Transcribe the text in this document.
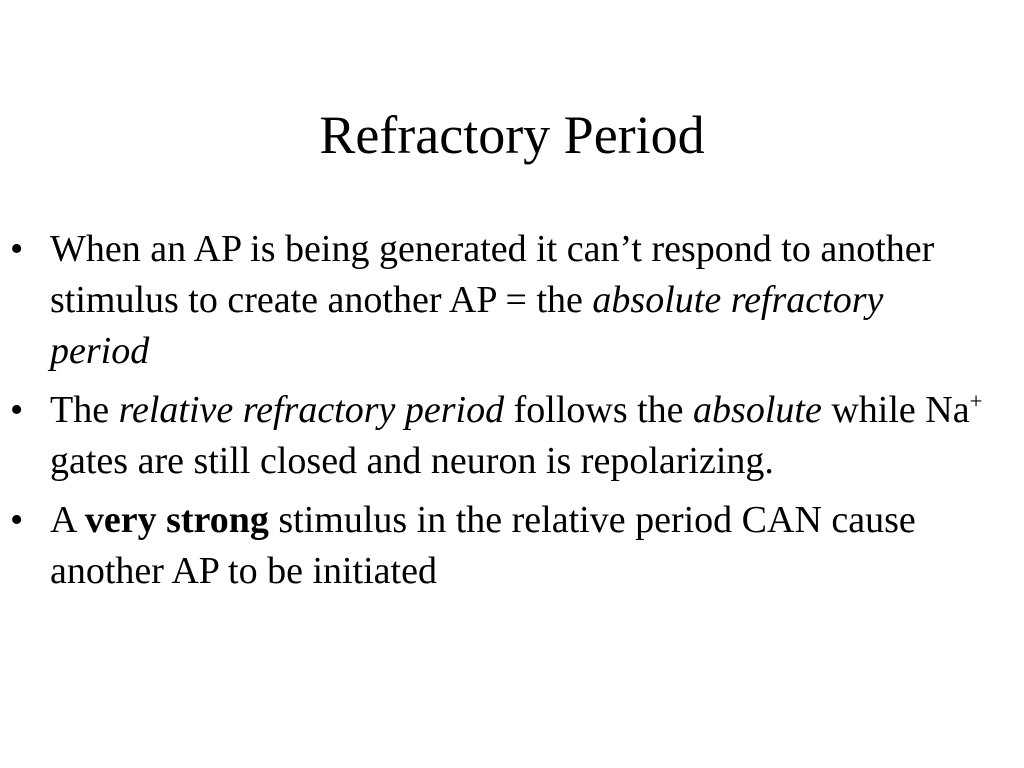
Refractory Period
• When an AP is being generated it can’t respond to another stimulus to create another AP = the absolute refractory period
• The relative refractory period follows the absolute while Na+ gates are still closed and neuron is repolarizing.
• A very strong stimulus in the relative period CAN cause another AP to be initiated
